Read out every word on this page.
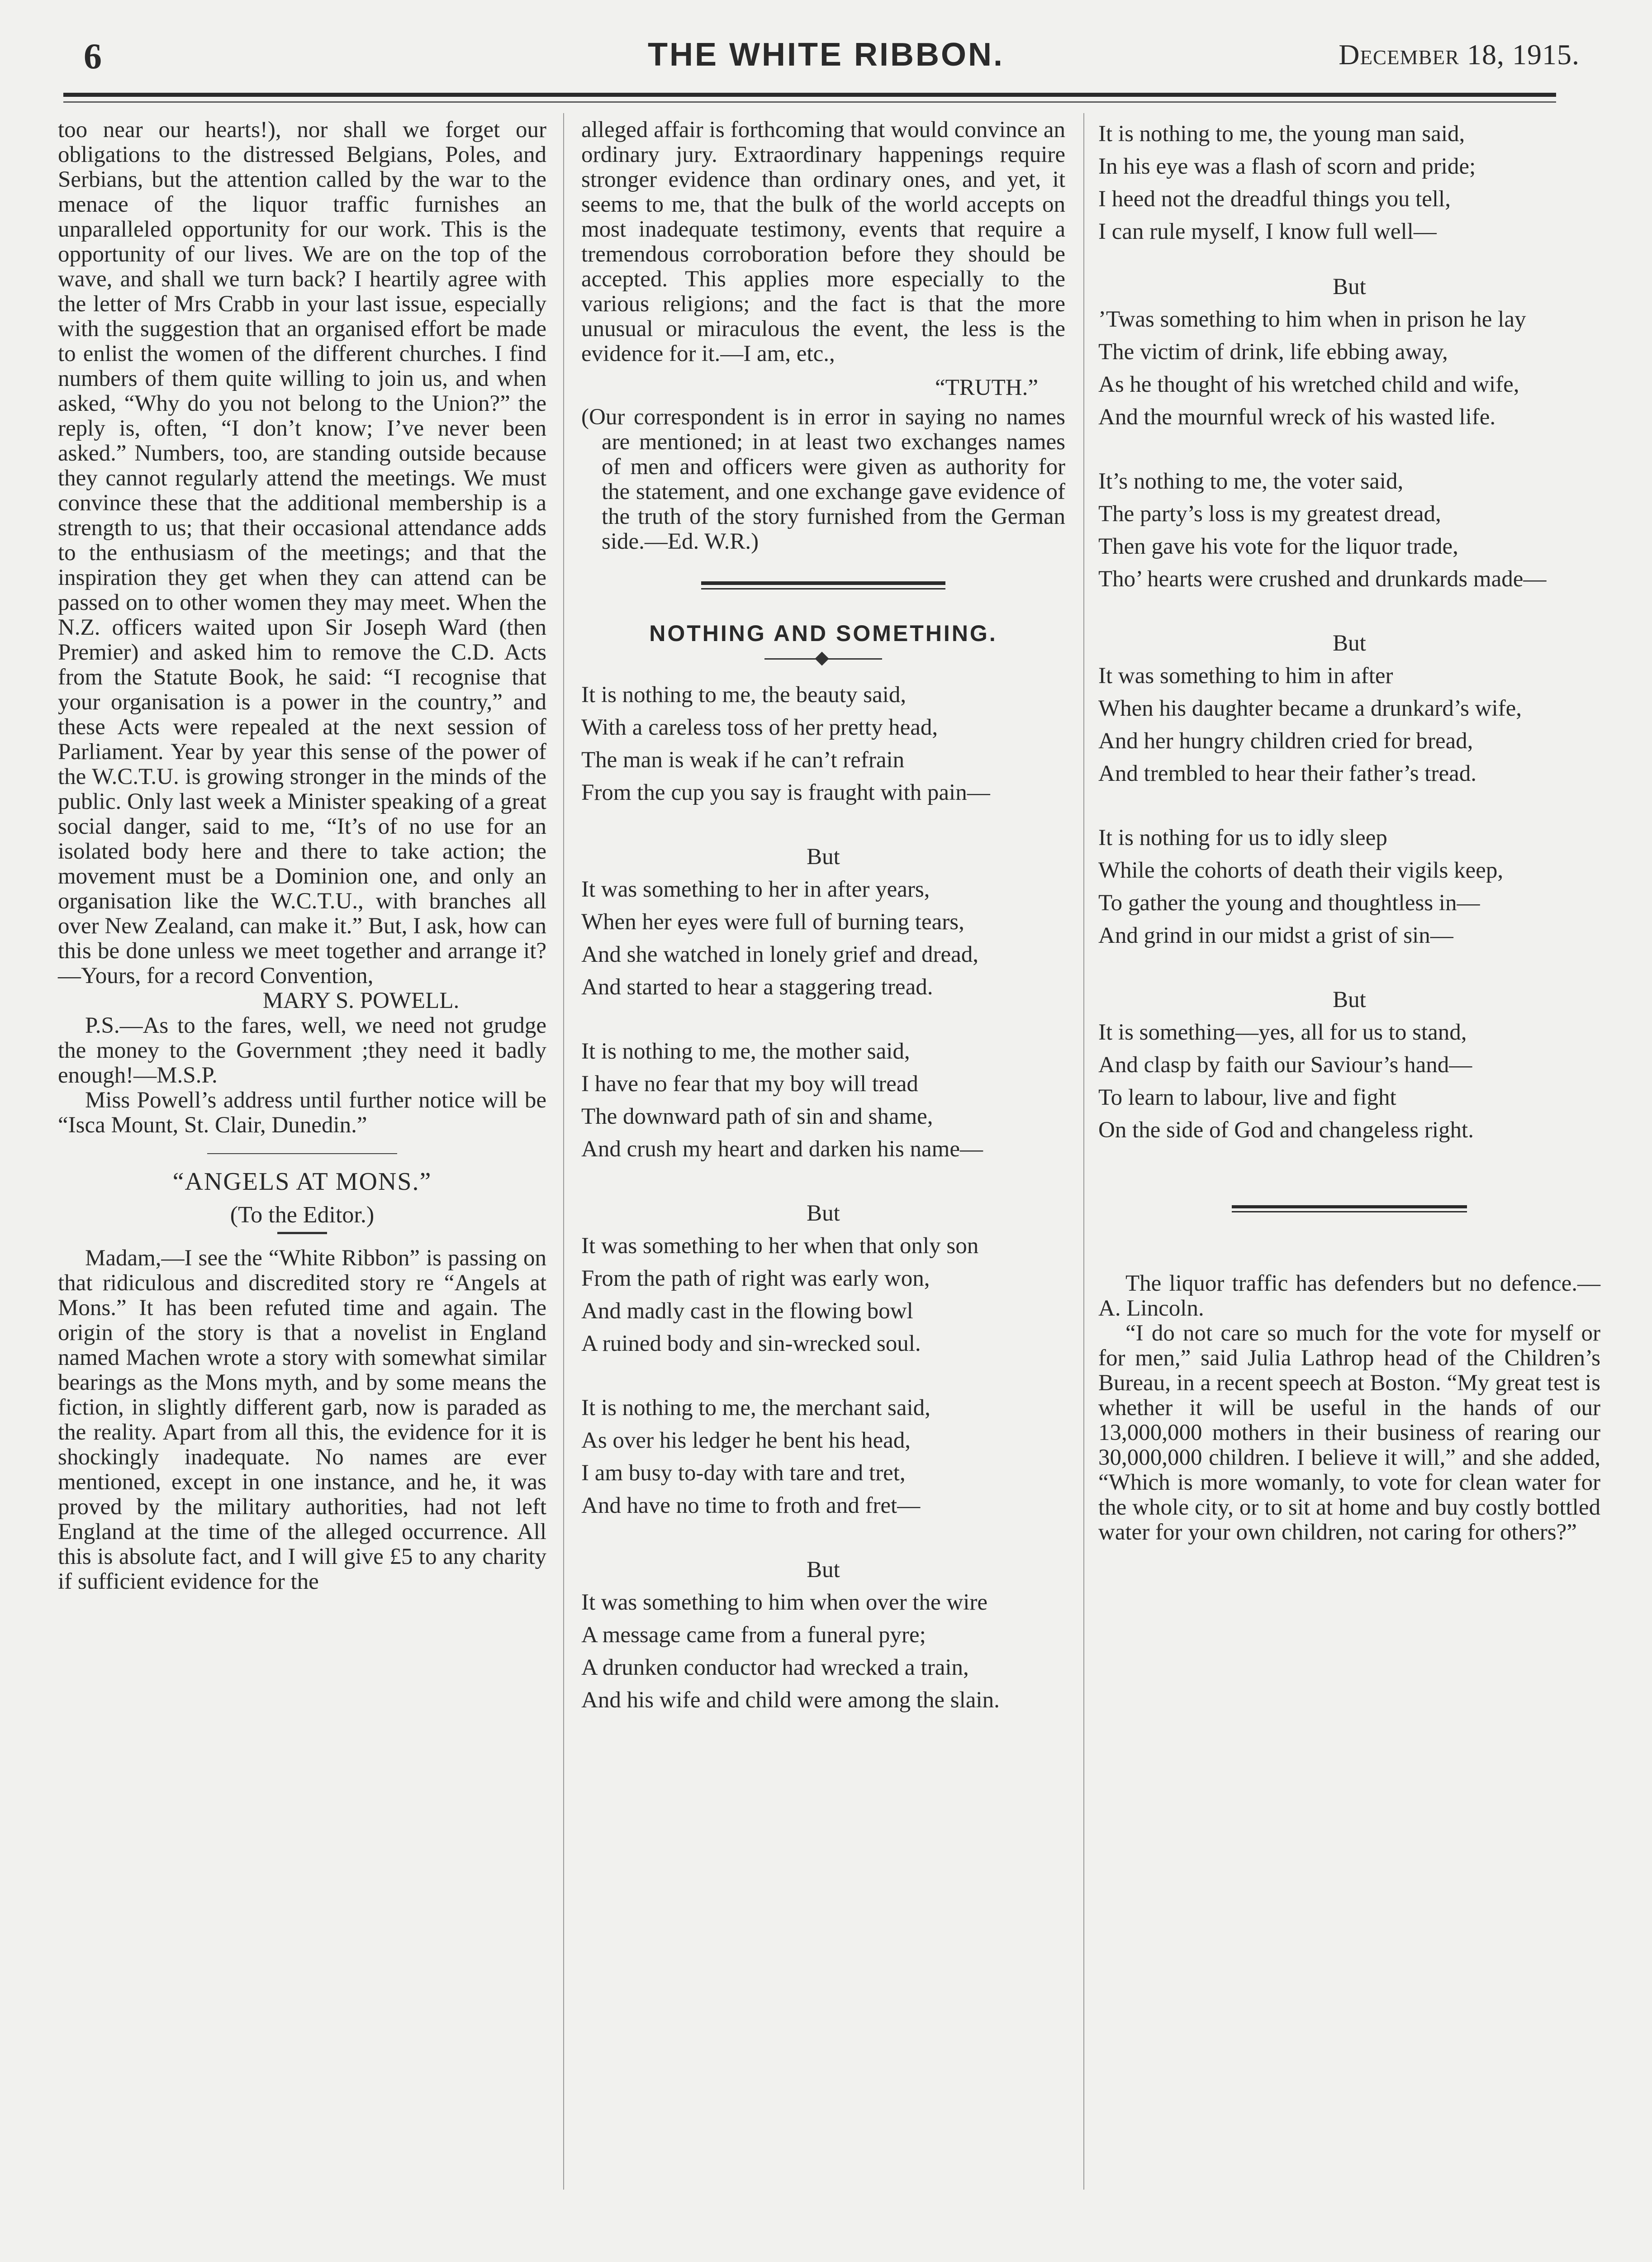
6	THE WHITE RIBBON.	December 18, 1915.

too near our hearts!), nor shall we forget our obligations to the distressed Belgians, Poles, and Serbians, but the attention called by the war to the menace of the liquor traffic furnishes an unparalleled opportunity for our work. This is the opportunity of our lives. We are on the top of the wave, and shall we turn back? I heartily agree with the letter of Mrs Crabb in your last issue, especially with the suggestion that an organised effort be made to enlist the women of the different churches. I find numbers of them quite willing to join us, and when asked, “Why do you not belong to the Union?” the reply is, often, “I don’t know; I’ve never been asked.” Numbers, too, are standing outside because they cannot regularly attend the meetings. We must convince these that the additional membership is a strength to us; that their occasional attendance adds to the enthusiasm of the meetings; and that the inspiration they get when they can attend can be passed on to other women they may meet. When the N.Z. officers waited upon Sir Joseph Ward (then Premier) and asked him to remove the C.D. Acts from the Statute Book, he said: “I recognise that your organisation is a power in the country,” and these Acts were repealed at the next session of Parliament. Year by year this sense of the power of the W.C.T.U. is growing stronger in the minds of the public. Only last week a Minister speaking of a great social danger, said to me, “It’s of no use for an isolated body here and there to take action; the movement must be a Dominion one, and only an organisation like the W.C.T.U., with branches all over New Zealand, can make it.” But, I ask, how can this be done unless we meet together and arrange it?—Yours, for a record Convention,

MARY S. POWELL.

P.S.—As to the fares, well, we need not grudge the money to the Government ;they need it badly enough!—M.S.P.

Miss Powell’s address until further notice will be “Isca Mount, St. Clair, Dunedin.”

“ANGELS AT MONS.”
(To the Editor.)

Madam,—I see the “White Ribbon” is passing on that ridiculous and discredited story re “Angels at Mons.” It has been refuted time and again. The origin of the story is that a novelist in England named Machen wrote a story with somewhat similar bearings as the Mons myth, and by some means the fiction, in slightly different garb, now is paraded as the reality. Apart from all this, the evidence for it is shockingly inadequate. No names are ever mentioned, except in one instance, and he, it was proved by the military authorities, had not left England at the time of the alleged occurrence. All this is absolute fact, and I will give £5 to any charity if sufficient evidence for the

alleged affair is forthcoming that would convince an ordinary jury. Extraordinary happenings require stronger evidence than ordinary ones, and yet, it seems to me, that the bulk of the world accepts on most inadequate testimony, events that require a tremendous corroboration before they should be accepted. This applies more especially to the various religions; and the fact is that the more unusual or miraculous the event, the less is the evidence for it.—I am, etc.,

“TRUTH.”

(Our correspondent is in error in saying no names are mentioned; in at least two exchanges names of men and officers were given as authority for the statement, and one exchange gave evidence of the truth of the story furnished from the German side.—Ed. W.R.)

NOTHING AND SOMETHING.

It is nothing to me, the beauty said,

With a careless toss of her pretty head,

The man is weak if he can’t refrain

From the cup you say is fraught with pain—

But

It was something to her in after years,

When her eyes were full of burning tears,

And she watched in lonely grief and dread,

And started to hear a staggering tread.

It is nothing to me, the mother said,

I have no fear that my boy will tread

The downward path of sin and shame,

And crush my heart and darken his name—

But

It was something to her when that only son

From the path of right was early won,

And madly cast in the flowing bowl

A ruined body and sin-wrecked soul.

It is nothing to me, the merchant said,

As over his ledger he bent his head,

I am busy to-day with tare and tret,

And have no time to froth and fret—

But

It was something to him when over the wire

A message came from a funeral pyre;

A drunken conductor had wrecked a train,

And his wife and child were among the slain.

It is nothing to me, the young man said,

In his eye was a flash of scorn and pride;

I heed not the dreadful things you tell,

I can rule myself, I know full well—

But

’Twas something to him when in prison he lay

The victim of drink, life ebbing away,

As he thought of his wretched child and wife,

And the mournful wreck of his wasted life.

It’s nothing to me, the voter said,

The party’s loss is my greatest dread,

Then gave his vote for the liquor trade,

Tho’ hearts were crushed and drunkards made—

But

It was something to him in after

When his daughter became a drunkard’s wife,

And her hungry children cried for bread,

And trembled to hear their father’s tread.

It is nothing for us to idly sleep

While the cohorts of death their vigils keep,

To gather the young and thoughtless in—

And grind in our midst a grist of sin—

But

It is something—yes, all for us to stand,

And clasp by faith our Saviour’s hand—

To learn to labour, live and fight

On the side of God and changeless right.

The liquor traffic has defenders but no defence.—A. Lincoln.

“I do not care so much for the vote for myself or for men,” said Julia Lathrop head of the Children’s Bureau, in a recent speech at Boston. “My great test is whether it will be useful in the hands of our 13,000,000 mothers in their business of rearing our 30,000,000 children. I believe it will,” and she added, “Which is more womanly, to vote for clean water for the whole city, or to sit at home and buy costly bottled water for your own children, not caring for others?”
